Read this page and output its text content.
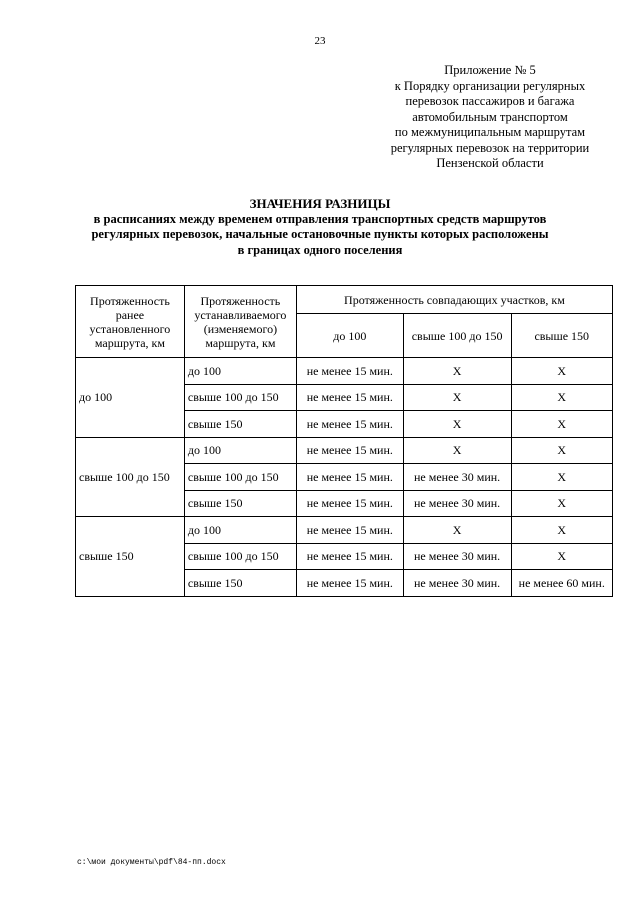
23
Приложение № 5
к Порядку организации регулярных
перевозок пассажиров и багажа
автомобильным транспортом
по межмуниципальным маршрутам
регулярных перевозок на территории
Пензенской области
ЗНАЧЕНИЯ РАЗНИЦЫ
в расписаниях между временем отправления транспортных средств маршрутов
регулярных перевозок, начальные остановочные пункты которых расположены
в границах одного поселения
Протяженность ранее установленного маршрута, км	Протяженность устанавливаемого (изменяемого) маршрута, км	Протяженность совпадающих участков, км		
		до 100	свыше 100 до 150	свыше 150
до 100	до 100	не менее 15 мин.	X	X
	свыше 100 до 150	не менее 15 мин.	X	X
	свыше 150	не менее 15 мин.	X	X
свыше 100 до 150	до 100	не менее 15 мин.	X	X
	свыше 100 до 150	не менее 15 мин.	не менее 30 мин.	X
	свыше 150	не менее 15 мин.	не менее 30 мин.	X
свыше 150	до 100	не менее 15 мин.	X	X
	свыше 100 до 150	не менее 15 мин.	не менее 30 мин.	X
	свыше 150	не менее 15 мин.	не менее 30 мин.	не менее 60 мин.
c:\мои документы\pdf\84-пп.docx
